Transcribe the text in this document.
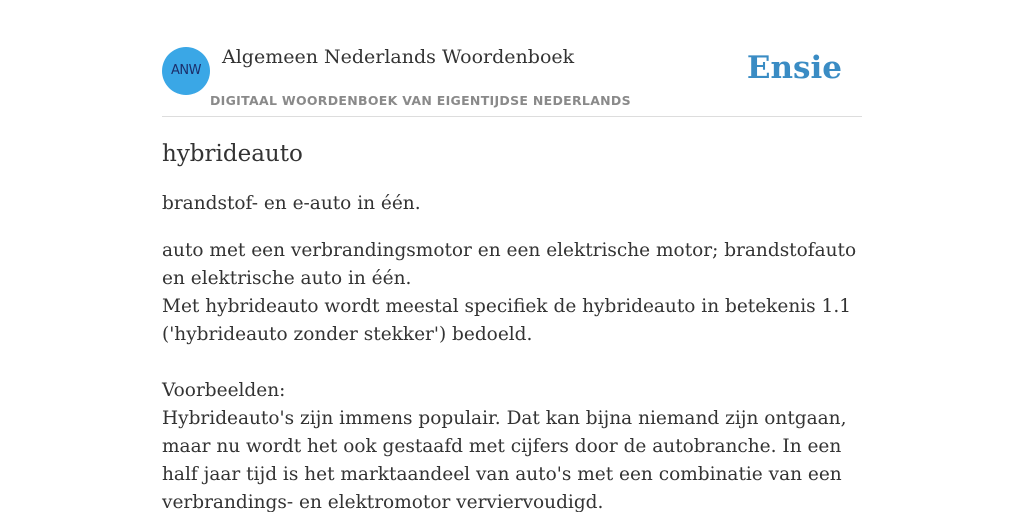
ANW
Algemeen Nederlands Woordenboek
DIGITAAL WOORDENBOEK VAN EIGENTIJDSE NEDERLANDS
Ensie
hybrideauto

brandstof- en e-auto in één.

auto met een verbrandingsmotor en een elektrische motor; brandstofauto en elektrische auto in één.
Met hybrideauto wordt meestal specifiek de hybrideauto in betekenis 1.1 ('hybrideauto zonder stekker') bedoeld.

Voorbeelden:
Hybrideauto's zijn immens populair. Dat kan bijna niemand zijn ontgaan, maar nu wordt het ook gestaafd met cijfers door de autobranche. In een half jaar tijd is het marktaandeel van auto's met een combinatie van een verbrandings- en elektromotor verviervoudigd.
